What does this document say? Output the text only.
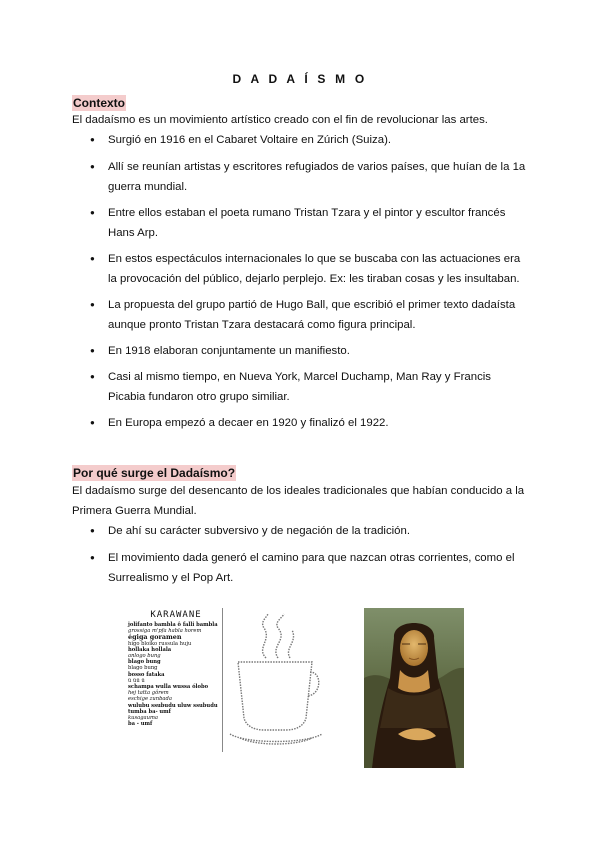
D A D A Í S M O
Contexto
El dadaísmo es un movimiento artístico creado con el fin de revolucionar las artes.
● Surgió en 1916 en el Cabaret Voltaire en Zúrich (Suiza).
● Allí se reunían artistas y escritores refugiados de varios países, que huían de la 1a guerra mundial.
● Entre ellos estaban el poeta rumano Tristan Tzara y el pintor y escultor francés Hans Arp.
● En estos espectáculos internacionales lo que se buscaba con las actuaciones era la provocación del público, dejarlo perplejo. Ex: les tiraban cosas y les insultaban.
● La propuesta del grupo partió de Hugo Ball, que escribió el primer texto dadaísta aunque pronto Tristan Tzara destacará como figura principal.
● En 1918 elaboran conjuntamente un manifiesto.
● Casi al mismo tiempo, en Nueva York, Marcel Duchamp, Man Ray y Francis Picabia fundaron otro grupo similiar.
● En Europa empezó a decaer en 1920 y finalizó el 1922.
Por qué surge el Dadaísmo?
El dadaísmo surge del desencanto de los ideales tradicionales que habían conducido a la Primera Guerra Mundial.
● De ahí su carácter subversivo y de negación de la tradición.
● El movimiento dada generó el camino para que nazcan otras corrientes, como el Surrealismo y el Pop Art.
KARAWANE
jolifanto bambla ô falli bambla
grossiga m'pfa habla horem
égiga goramen
higo bloiko russula huju
hollaka hollala
anlogo bung
blago bung
blago bung
bosso fataka
ü üü ü
schampa wulla wussa ólobo
hej tatta gôrem
eschige zunbada
wulubu ssubudu uluw ssubudu
tumba ba- umf
kusagauma
ba - umf
